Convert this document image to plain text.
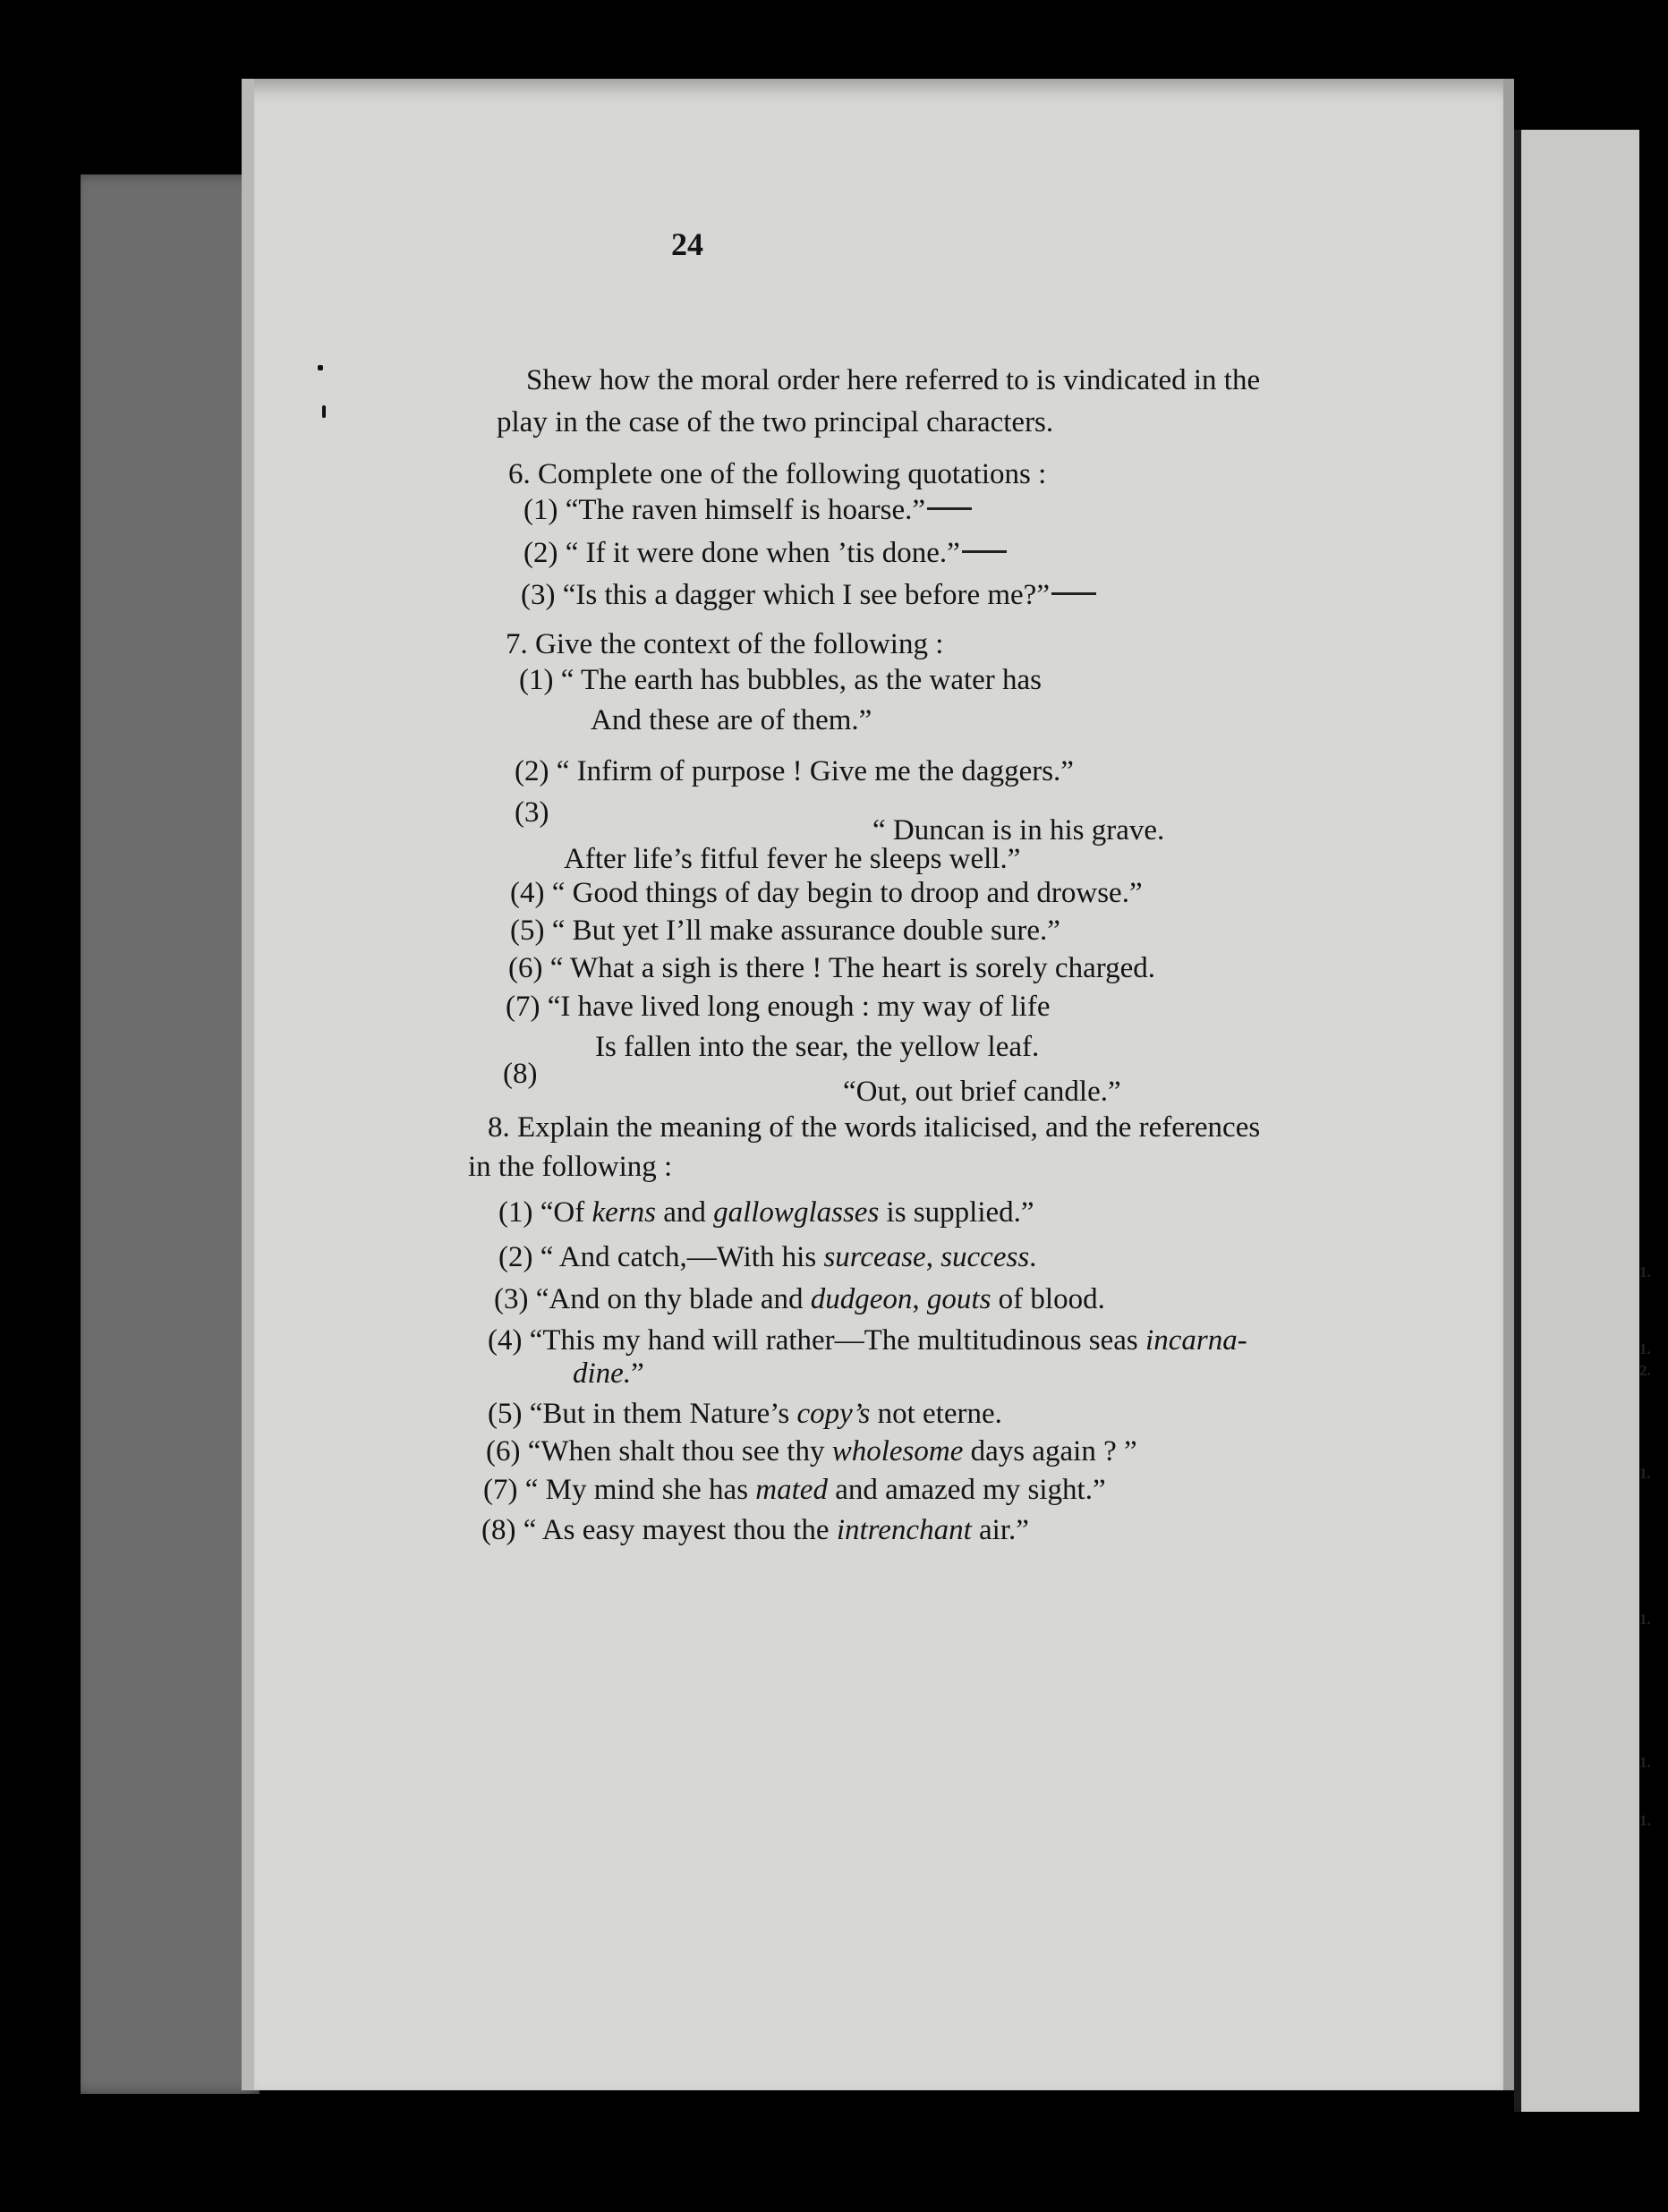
1.
1.
2.
1.
1.
1.
1.
24
Shew how the moral order here referred to is vindicated in the
play in the case of the two principal characters.
6. Complete one of the following quotations :
(1) “The raven himself is hoarse.”
(2) “ If it were done when ’tis done.”
(3) “Is this a dagger which I see before me?”
7. Give the context of the following :
(1) “ The earth has bubbles, as the water has
And these are of them.”
(2) “ Infirm of purpose ! Give me the daggers.”
(3)
“ Duncan is in his grave.
After life’s fitful fever he sleeps well.”
(4) “ Good things of day begin to droop and drowse.”
(5) “ But yet I’ll make assurance double sure.”
(6) “ What a sigh is there ! The heart is sorely charged.
(7) “I have lived long enough : my way of life
Is fallen into the sear, the yellow leaf.
(8)
“Out, out brief candle.”
8. Explain the meaning of the words italicised, and the references
in the following :
(1) “Of kerns and gallowglasses is supplied.”
(2) “ And catch,—With his surcease, success.
(3) “And on thy blade and dudgeon, gouts of blood.
(4) “This my hand will rather—The multitudinous seas incarna-
dine.”
(5) “But in them Nature’s copy’s not eterne.
(6) “When shalt thou see thy wholesome days again ? ”
(7) “ My mind she has mated and amazed my sight.”
(8) “ As easy mayest thou the intrenchant air.”
